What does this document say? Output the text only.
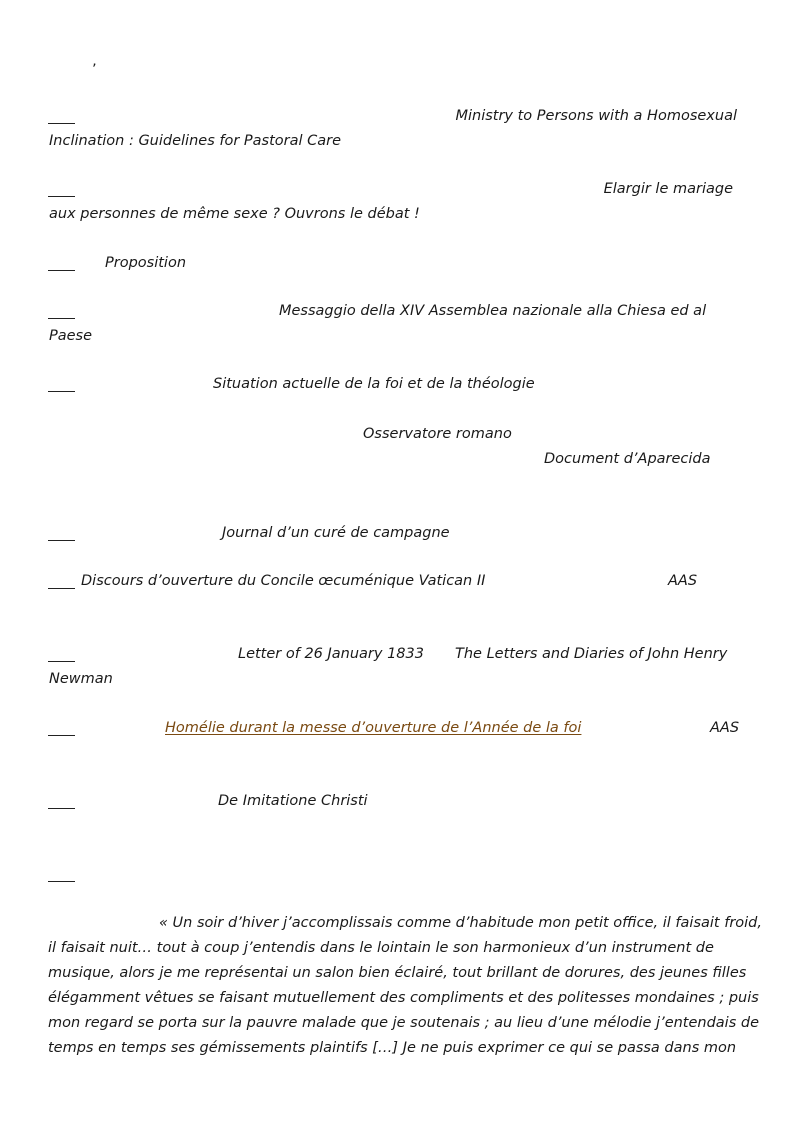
’
Ministry to Persons with a Homosexual
Inclination : Guidelines for Pastoral Care
Elargir le mariage
aux personnes de même sexe ? Ouvrons le débat !
Proposition
Messaggio della XIV Assemblea nazionale alla Chiesa ed al
Paese
Situation actuelle de la foi et de la théologie
Osservatore romano
Document d’Aparecida
Journal d’un curé de campagne
Discours d’ouverture du Concile œcuménique Vatican II	AAS
Letter of 26 January 1833 The Letters and Diaries of John Henry
Newman
Homélie durant la messe d’ouverture de l’Année de la foi	AAS
De Imitatione Christi
« Un soir d’hiver j’accomplissais comme d’habitude mon petit office, il faisait froid,
il faisait nuit… tout à coup j’entendis dans le lointain le son harmonieux d’un instrument de
musique, alors je me représentai un salon bien éclairé, tout brillant de dorures, des jeunes filles
élégamment vêtues se faisant mutuellement des compliments et des politesses mondaines ; puis
mon regard se porta sur la pauvre malade que je soutenais ; au lieu d’une mélodie j’entendais de
temps en temps ses gémissements plaintifs […] Je ne puis exprimer ce qui se passa dans mon
